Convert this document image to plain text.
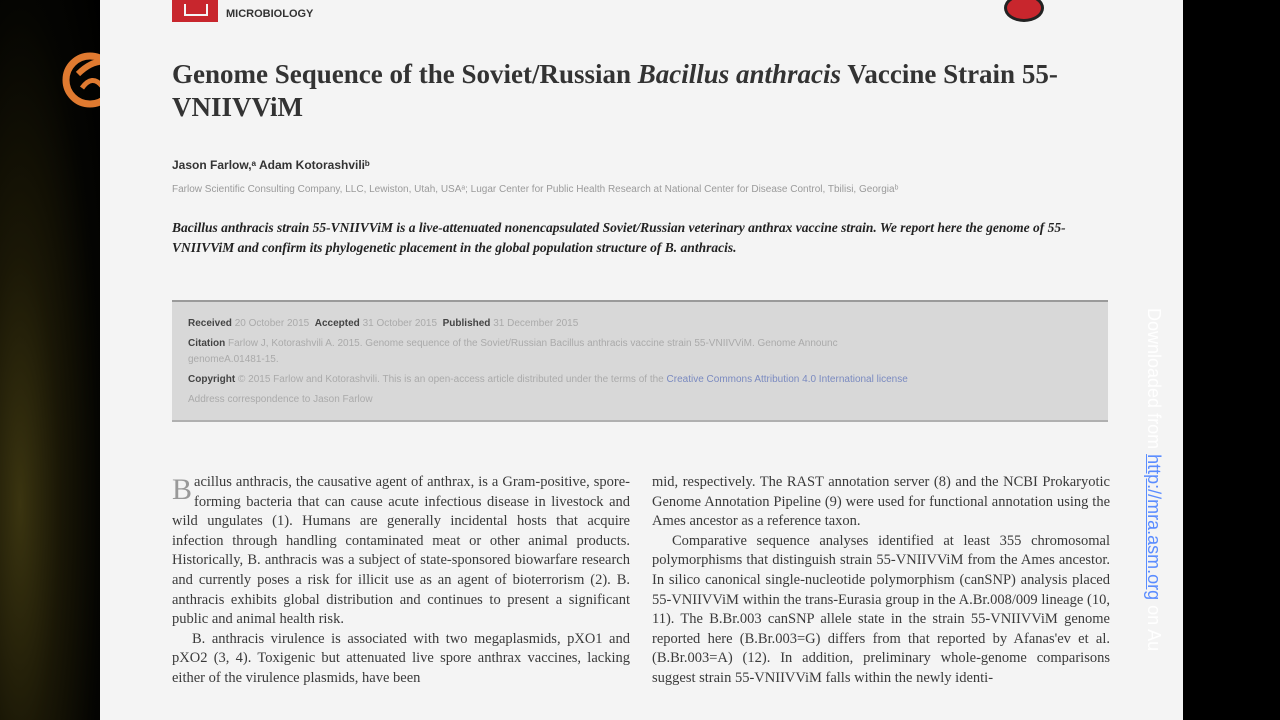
MICROBIOLOGY
Genome Sequence of the Soviet/Russian Bacillus anthracis Vaccine Strain 55-VNIIVViM
Jason Farlow,ᵃ Adam Kotorashviliᵇ
Farlow Scientific Consulting Company, LLC, Lewiston, Utah, USAᵃ; Lugar Center for Public Health Research at National Center for Disease Control, Tbilisi, Georgiaᵇ
Bacillus anthracis strain 55-VNIIVViM is a live-attenuated nonencapsulated Soviet/Russian veterinary anthrax vaccine strain. We report here the genome of 55-VNIIVViM and confirm its phylogenetic placement in the global population structure of B. anthracis.
Received 20 October 2015 Accepted 31 October 2015 Published 31 December 2015
Citation Farlow J, Kotorashvili A. 2015. Genome sequence of the Soviet/Russian Bacillus anthracis vaccine strain 55-VNIIVViM. Genome Announc
genomeA.01481-15.
Copyright © 2015 Farlow and Kotorashvili. This is an open-access article distributed under the terms of the Creative Commons Attribution 4.0 International license
Address correspondence to Jason Farlow

Bacillus anthracis, the causative agent of anthrax, is a Gram-positive, spore-forming bacteria that can cause acute infectious disease in livestock and wild ungulates (1). Humans are generally incidental hosts that acquire infection through handling contaminated meat or other animal products. Historically, B. anthracis was a subject of state-sponsored biowarfare research and currently poses a risk for illicit use as an agent of bioterrorism (2). B. anthracis exhibits global distribution and continues to present a significant public and animal health risk.

B. anthracis virulence is associated with two megaplasmids, pXO1 and pXO2 (3, 4). Toxigenic but attenuated live spore anthrax vaccines, lacking either of the virulence plasmids, have been

mid, respectively. The RAST annotation server (8) and the NCBI Prokaryotic Genome Annotation Pipeline (9) were used for functional annotation using the Ames ancestor as a reference taxon.

Comparative sequence analyses identified at least 355 chromosomal polymorphisms that distinguish strain 55-VNIIVViM from the Ames ancestor. In silico canonical single-nucleotide polymorphism (canSNP) analysis placed 55-VNIIVViM within the trans-Eurasia group in the A.Br.008/009 lineage (10, 11). The B.Br.003 canSNP allele state in the strain 55-VNIIVViM genome reported here (B.Br.003=G) differs from that reported by Afanas'ev et al. (B.Br.003=A) (12). In addition, preliminary whole-genome comparisons suggest strain 55-VNIIVViM falls within the newly identi-

Downloaded from http://mra.asm.org on Au
